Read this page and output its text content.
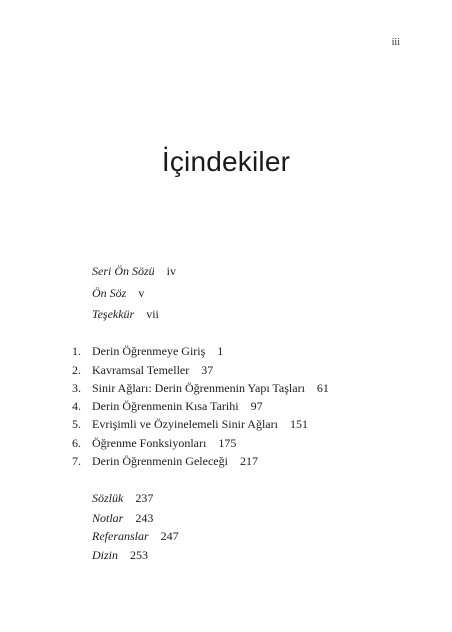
iii
İçindekiler
Seri Ön Sözü iv
Ön Söz v
Teşekkür vii
1. Derin Öğrenmeye Giriş 1
2. Kavramsal Temeller 37
3. Sinir Ağları: Derin Öğrenmenin Yapı Taşları 61
4. Derin Öğrenmenin Kısa Tarihi 97
5. Evrişimli ve Özyinelemeli Sinir Ağları 151
6. Öğrenme Fonksiyonları 175
7. Derin Öğrenmenin Geleceği 217
Sözlük 237
Notlar 243
Referanslar 247
Dizin 253
